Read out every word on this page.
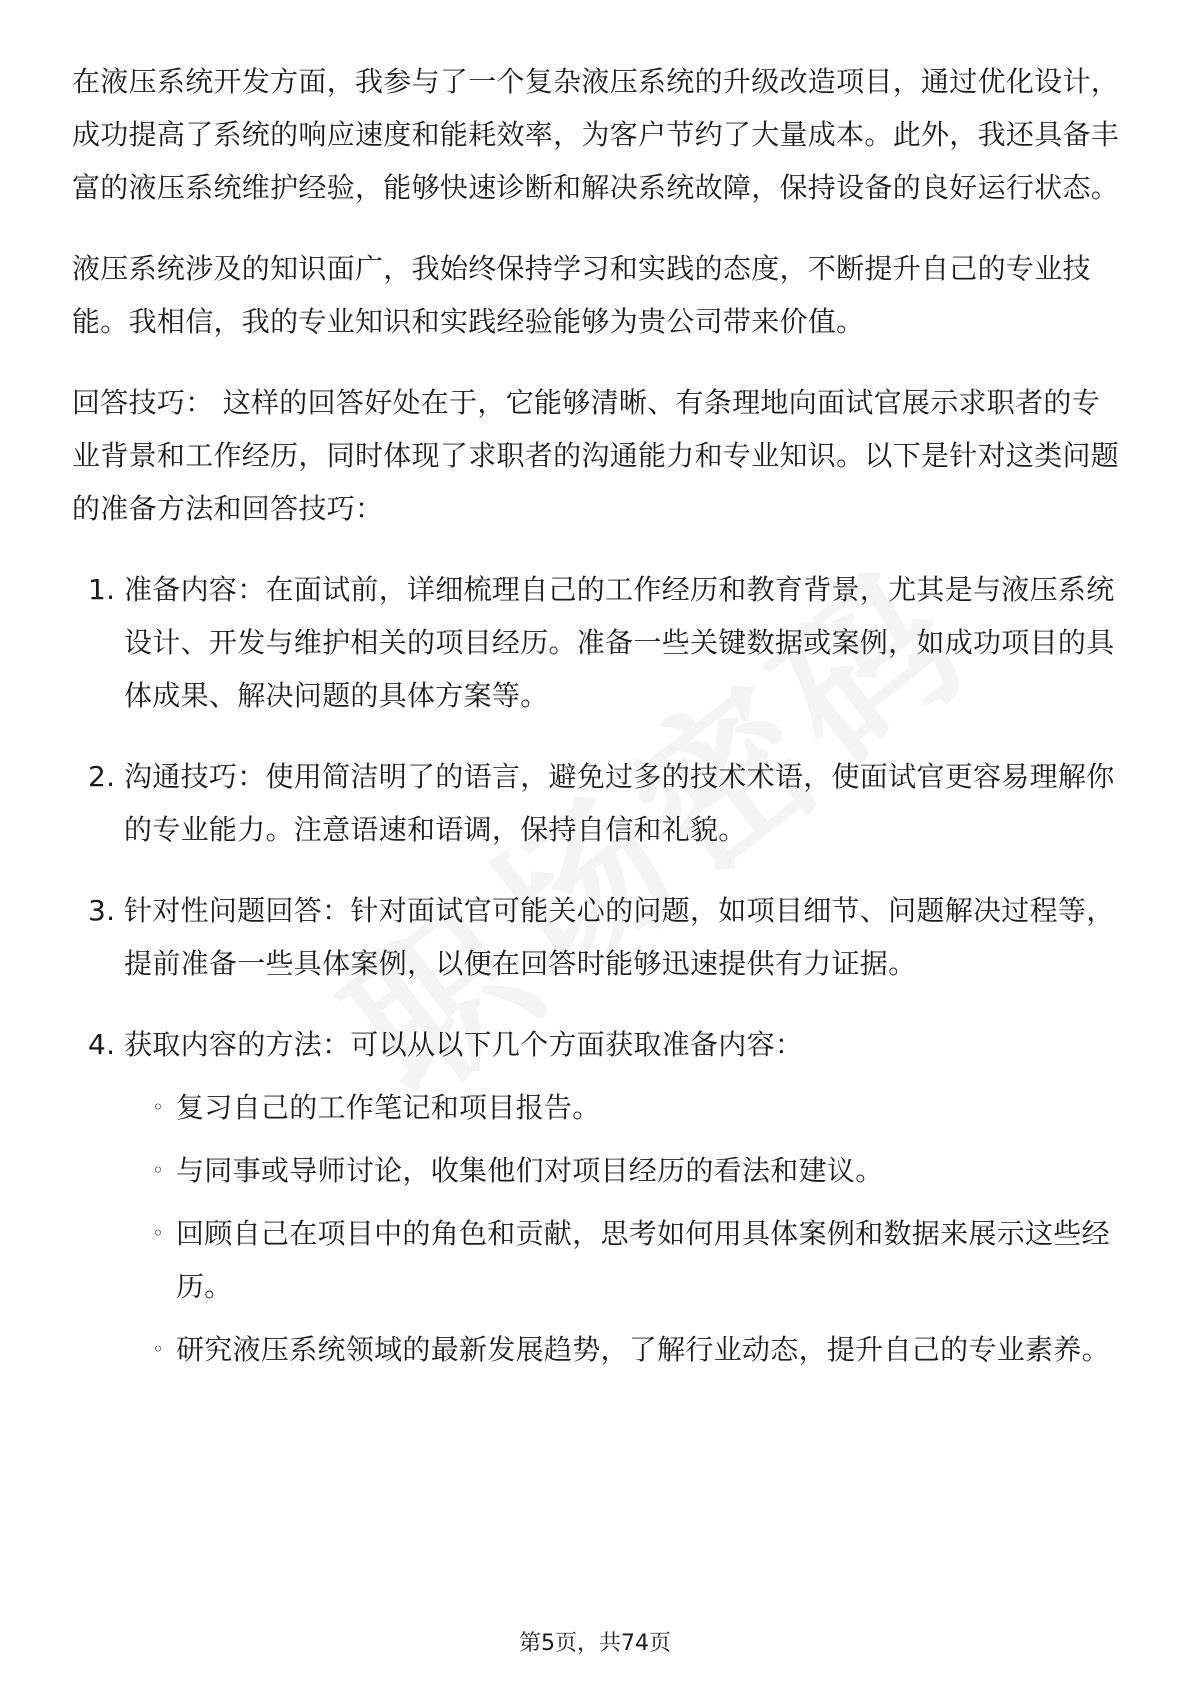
在液压系统开发方面，我参与了一个复杂液压系统的升级改造项目，通过优化设计，成功提高了系统的响应速度和能耗效率，为客户节约了大量成本。此外，我还具备丰富的液压系统维护经验，能够快速诊断和解决系统故障，保持设备的良好运行状态。

液压系统涉及的知识面广，我始终保持学习和实践的态度，不断提升自己的专业技能。我相信，我的专业知识和实践经验能够为贵公司带来价值。

回答技巧： 这样的回答好处在于，它能够清晰、有条理地向面试官展示求职者的专业背景和工作经历，同时体现了求职者的沟通能力和专业知识。以下是针对这类问题的准备方法和回答技巧：

1. 准备内容：在面试前，详细梳理自己的工作经历和教育背景，尤其是与液压系统设计、开发与维护相关的项目经历。准备一些关键数据或案例，如成功项目的具体成果、解决问题的具体方案等。
2. 沟通技巧：使用简洁明了的语言，避免过多的技术术语，使面试官更容易理解你的专业能力。注意语速和语调，保持自信和礼貌。
3. 针对性问题回答：针对面试官可能关心的问题，如项目细节、问题解决过程等，提前准备一些具体案例，以便在回答时能够迅速提供有力证据。
4. 获取内容的方法：可以从以下几个方面获取准备内容：
◦ 复习自己的工作笔记和项目报告。
◦ 与同事或导师讨论，收集他们对项目经历的看法和建议。
◦ 回顾自己在项目中的角色和贡献，思考如何用具体案例和数据来展示这些经历。
◦ 研究液压系统领域的最新发展趋势，了解行业动态，提升自己的专业素养。
第5页，共74页
